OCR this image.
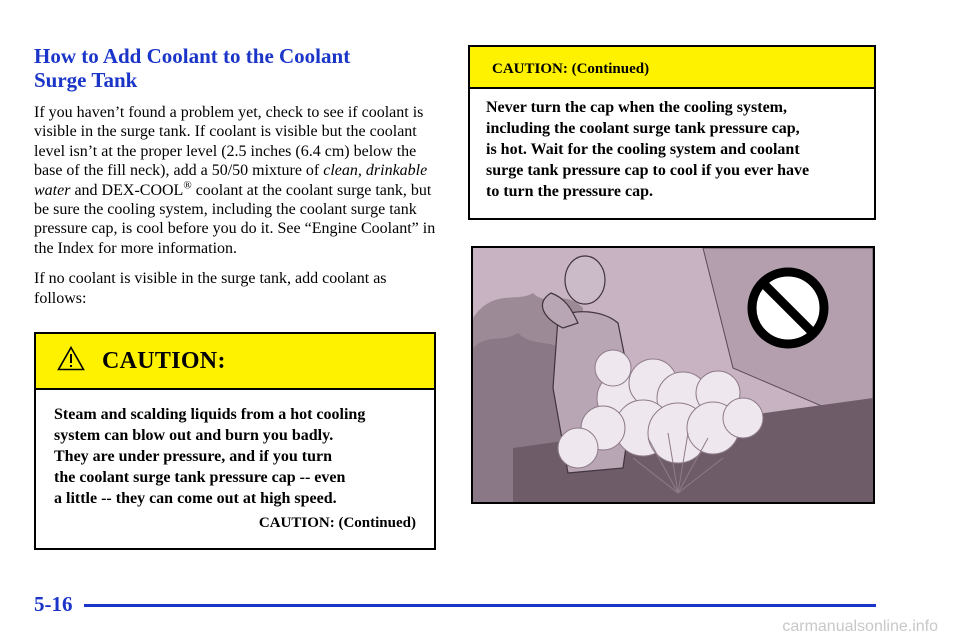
How to Add Coolant to the Coolant
Surge Tank

If you haven’t found a problem yet, check to see if coolant is visible in the surge tank. If coolant is visible but the coolant level isn’t at the proper level (2.5 inches (6.4 cm) below the base of the fill neck), add a 50/50 mixture of clean, drinkable water and DEX-COOL® coolant at the coolant surge tank, but be sure the cooling system, including the coolant surge tank pressure cap, is cool before you do it. See “Engine Coolant” in the Index for more information.

If no coolant is visible in the surge tank, add coolant as follows:

CAUTION:

Steam and scalding liquids from a hot cooling
system can blow out and burn you badly.
They are under pressure, and if you turn
the coolant surge tank pressure cap -- even
a little -- they can come out at high speed.

CAUTION: (Continued)
CAUTION: (Continued)

Never turn the cap when the cooling system,
including the coolant surge tank pressure cap,
is hot. Wait for the cooling system and coolant
surge tank pressure cap to cool if you ever have
to turn the pressure cap.

5-16
carmanualsonline.info
